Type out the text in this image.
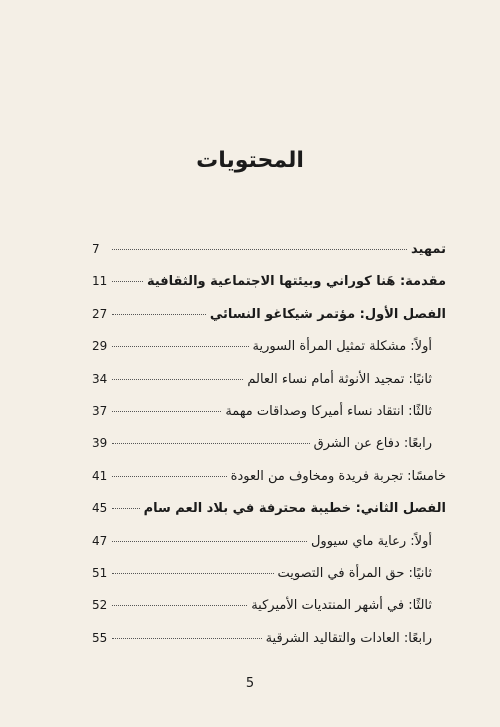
المحتويات
تمهيد
7
مقدمة: هَنا كوراني وبيئتها الاجتماعية والثقافية
11
الفصل الأول: مؤتمر شيكاغو النسائي
27
أولاً: مشكلة تمثيل المرأة السورية
29
ثانيًا: تمجيد الأنوثة أمام نساء العالم
34
ثالثًا: انتقاد نساء أميركا وصداقات مهمة
37
رابعًا: دفاع عن الشرق
39
خامسًا: تجربة فريدة ومخاوف من العودة
41
الفصل الثاني: خطيبة محترفة في بلاد العم سام
45
أولاً: رعاية ماي سيوول
47
ثانيًا: حق المرأة في التصويت
51
ثالثًا: في أشهر المنتديات الأميركية
52
رابعًا: العادات والتقاليد الشرقية
55
5
